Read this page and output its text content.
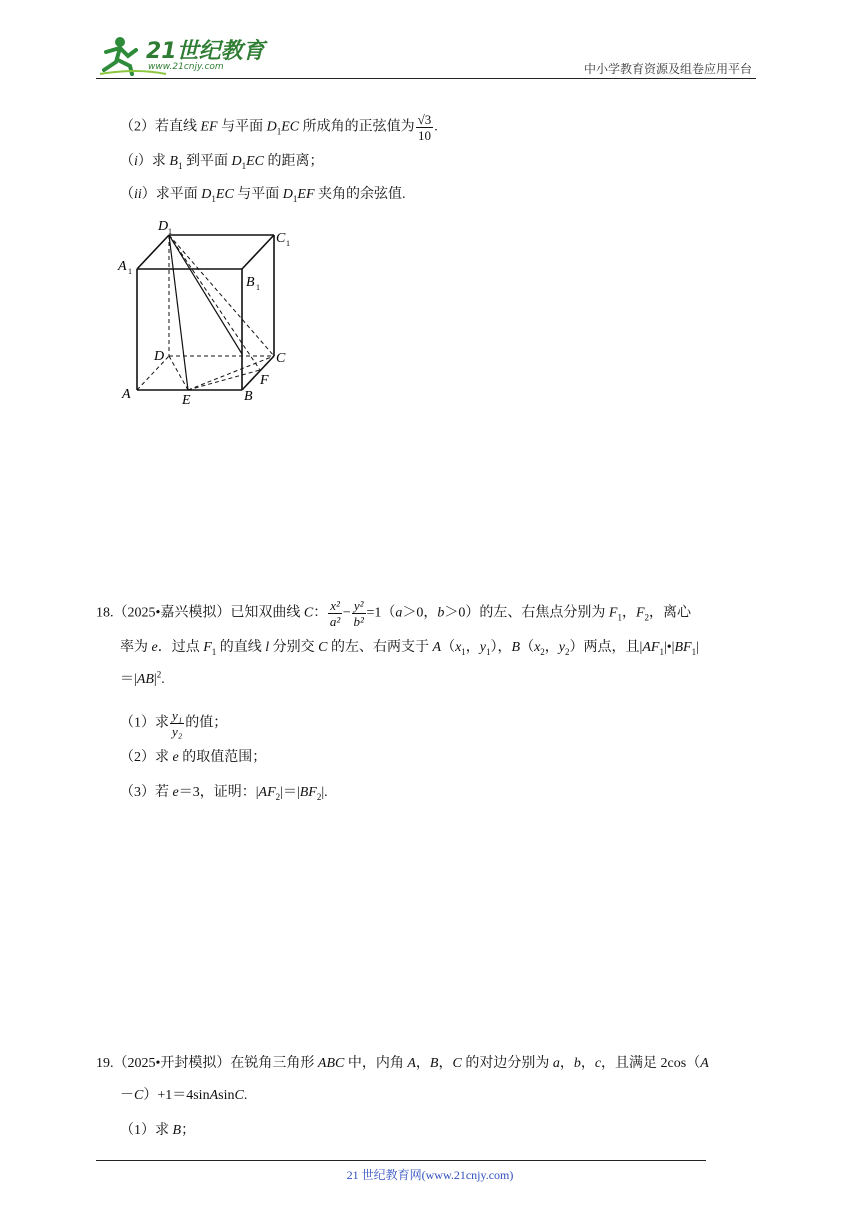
21世纪教育
www.21cnjy.com	中小学教育资源及组卷应用平台
（2）若直线 EF 与平面 $D_1EC$ 所成角的正弦值为 $\frac{√3}{10}$ .
（i）求 $B_1$ 到平面 $D_1EC$ 的距离；
（ii）求平面 $D_1EC$ 与平面 $D_1EF$ 夹角的余弦值.
D 1	C 1
A 1
B 1
D	C
A	B
E
F
18.（2025•嘉兴模拟）已知双曲线 C： $\frac{\text{x²}}{\text{a²}} - \frac{\text{y²}}{\text{b²}} =1(a>0$，b＞0）的左、右焦点分别为 $F_1$，$F_2$，离心
率为 e．过点 $F_1$ 的直线 l 分别交 C 的左、右两支于 $A(x_1$，$y_1$），$B(x_2$，$y_2$）两点，且$|AF_1|•|BF_1|$
$=|AB|^2$.
（1）求 $\frac{\text{y₁}}{\text{y₂}}$ 的值；
（2）求 e 的取值范围；
（3）若 e＝3，证明：$|AF_2|=|BF_2|$.
19.（2025•开封模拟）在锐角三角形 ABC 中，内角 A，B，C 的对边分别为 a，b，c，且满足 2cos（A
－C）+1＝4sinAsinC.
（1）求 B；
21 世纪教育网(www.21cnjy.com)
